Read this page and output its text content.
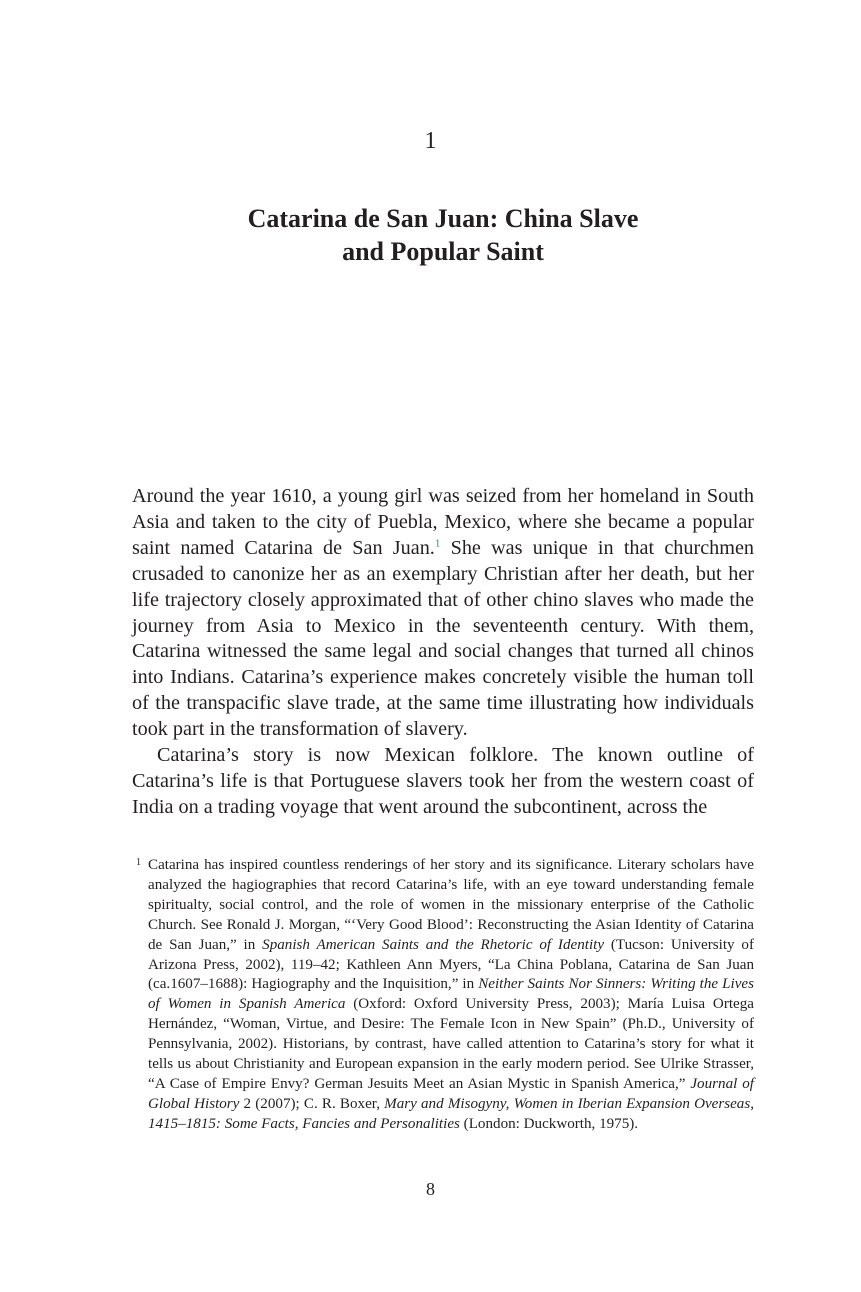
1
Catarina de San Juan: China Slave
and Popular Saint

Around the year 1610, a young girl was seized from her homeland in South Asia and taken to the city of Puebla, Mexico, where she became a popular saint named Catarina de San Juan.$^1$ She was unique in that churchmen crusaded to canonize her as an exemplary Christian after her death, but her life trajectory closely approximated that of other chino slaves who made the journey from Asia to Mexico in the seventeenth century. With them, Catarina witnessed the same legal and social changes that turned all chinos into Indians. Catarina’s experience makes concretely visible the human toll of the transpacific slave trade, at the same time illustrating how individuals took part in the transformation of slavery.

Catarina’s story is now Mexican folklore. The known outline of Catarina’s life is that Portuguese slavers took her from the western coast of India on a trading voyage that went around the subcontinent, across the

1 Catarina has inspired countless renderings of her story and its significance. Literary scholars have analyzed the hagiographies that record Catarina’s life, with an eye toward understanding female spiritualty, social control, and the role of women in the missionary enterprise of the Catholic Church. See Ronald J. Morgan, “‘Very Good Blood’: Reconstructing the Asian Identity of Catarina de San Juan,” in Spanish American Saints and the Rhetoric of Identity (Tucson: University of Arizona Press, 2002), 119–42; Kathleen Ann Myers, “La China Poblana, Catarina de San Juan (ca.1607–1688): Hagiography and the Inquisition,” in Neither Saints Nor Sinners: Writing the Lives of Women in Spanish America (Oxford: Oxford University Press, 2003); María Luisa Ortega Hernández, “Woman, Virtue, and Desire: The Female Icon in New Spain” (Ph.D., University of Pennsylvania, 2002). Historians, by contrast, have called attention to Catarina’s story for what it tells us about Christianity and European expansion in the early modern period. See Ulrike Strasser, “A Case of Empire Envy? German Jesuits Meet an Asian Mystic in Spanish America,” Journal of Global History 2 (2007); C. R. Boxer, Mary and Misogyny, Women in Iberian Expansion Overseas, 1415–1815: Some Facts, Fancies and Personalities (London: Duckworth, 1975).

8
